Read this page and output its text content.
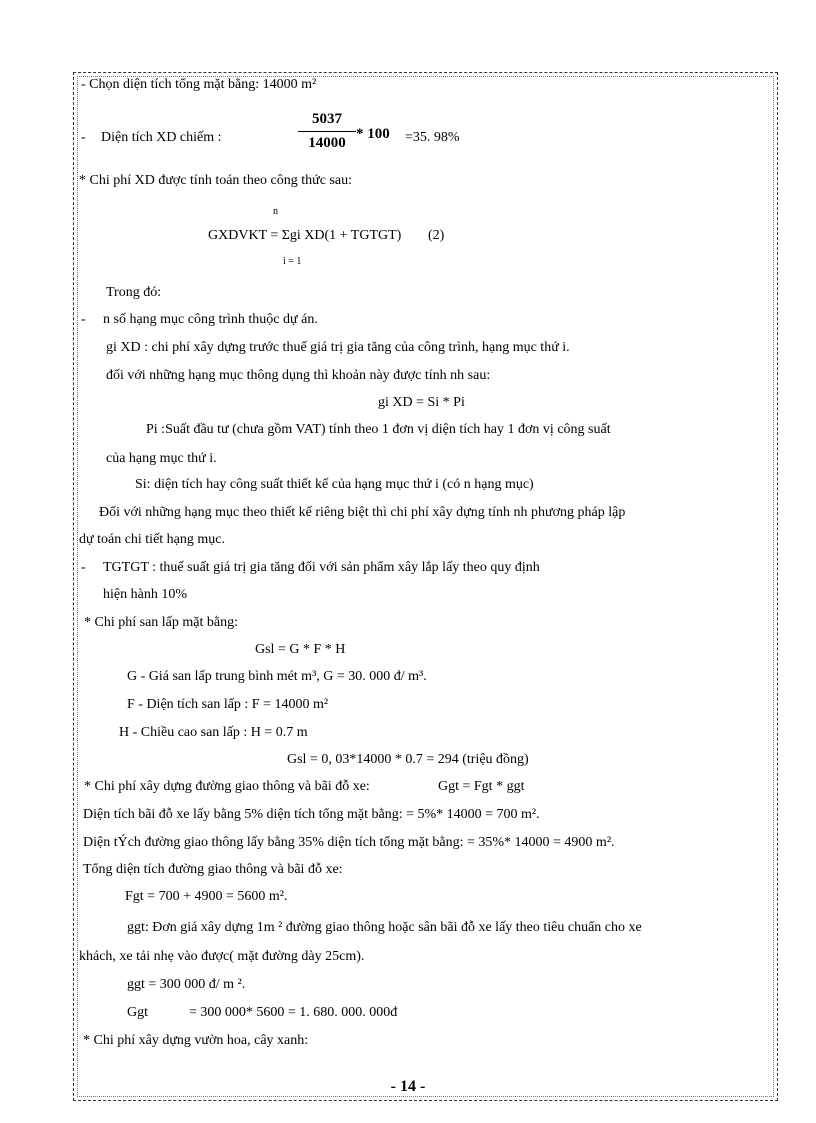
- Chọn diện tích tổng mặt bằng: 14000 m²
- Diện tích XD chiếm :	$\frac{5037}{14000} * 100 =35$. 98%
* Chi phí XD được tính toán theo công thức sau:
n
GXDVKT = Σgi XD(1 + TGTGT) (2)
i = 1
Trong đó:
- n số hạng mục công trình thuộc dự án.
gi XD : chi phí xây dựng trước thuế giá trị gia tăng của công trình, hạng mục thứ i.
đối với những hạng mục thông dụng thì khoản này được tính nh sau:
gi XD = Si * Pi
Pi :Suất đầu tư (chưa gồm VAT) tính theo 1 đơn vị diện tích hay 1 đơn vị công suất
của hạng mục thứ i.
Si: diện tích hay công suất thiết kế của hạng mục thứ i (có n hạng mục)
Đối với những hạng mục theo thiết kế riêng biệt thì chi phí xây dựng tính nh phương pháp lập
dự toán chi tiết hạng mục.
- TGTGT : thuế suất giá trị gia tăng đối với sản phẩm xây lắp lấy theo quy định
hiện hành 10%
* Chi phí san lấp mặt bằng:
Gsl = G * F * H
G - Giá san lấp trung bình mét m³, G = 30. 000 đ/ m³.
F - Diện tích san lấp : F = 14000 m²
H - Chiều cao san lấp : H = 0.7 m
Gsl = 0, 03*14000 * 0.7 = 294 (triệu đồng)
* Chi phí xây dựng đường giao thông và bãi đỗ xe:	Ggt = Fgt * ggt
Diện tích bãi đỗ xe lấy bằng 5% diện tích tổng mặt bằng: = 5%* 14000 = 700 m².
Diện tÝch đường giao thông lấy bằng 35% diện tích tổng mặt bằng: = 35%* 14000 = 4900 m².
Tổng diện tích đường giao thông và bãi đỗ xe:
Fgt = 700 + 4900 = 5600 m².
ggt: Đơn giá xây dựng 1m ² đường giao thông hoặc sân bãi đỗ xe lấy theo tiêu chuẩn cho xe
khách, xe tải nhẹ vào được( mặt đường dày 25cm).
ggt = 300 000 đ/ m ².
Ggt	= 300 000* 5600 = 1. 680. 000. 000đ
* Chi phí xây dựng vườn hoa, cây xanh:
- 14 -
